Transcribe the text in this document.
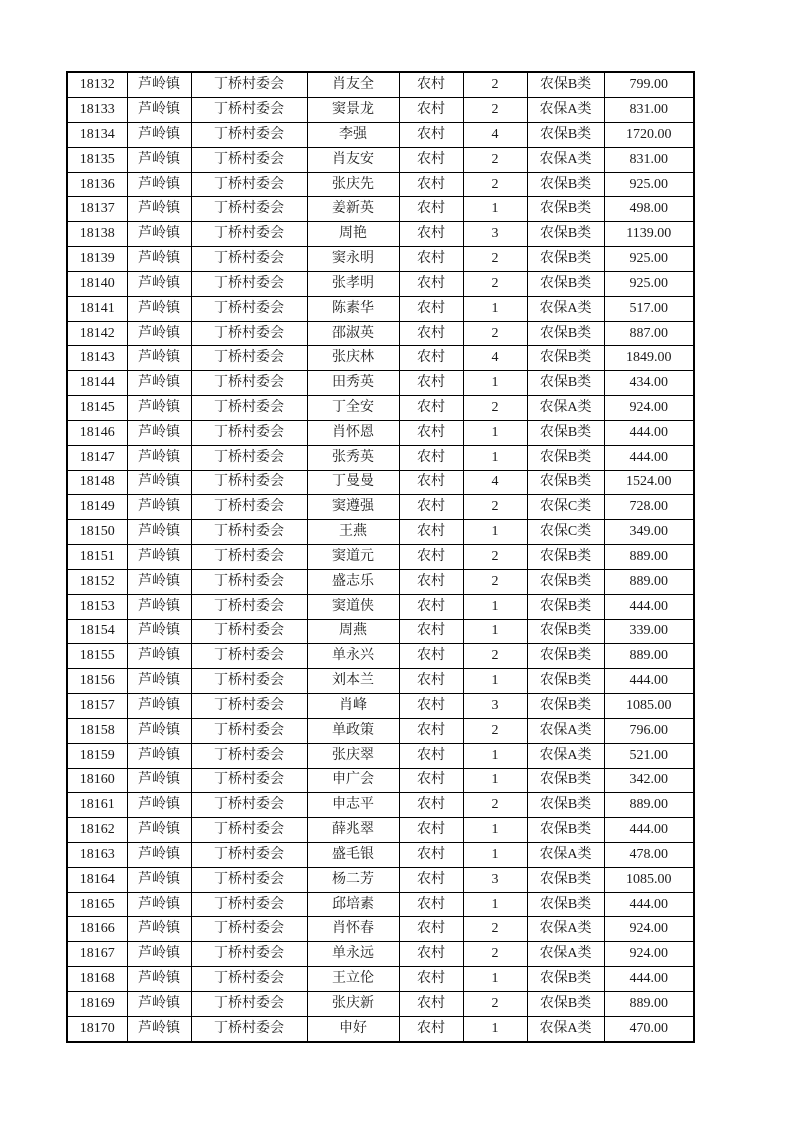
18132	芦岭镇	丁桥村委会	肖友全	农村	2	农保B类	799.00
18133	芦岭镇	丁桥村委会	窦景龙	农村	2	农保A类	831.00
18134	芦岭镇	丁桥村委会	李强	农村	4	农保B类	1720.00
18135	芦岭镇	丁桥村委会	肖友安	农村	2	农保A类	831.00
18136	芦岭镇	丁桥村委会	张庆先	农村	2	农保B类	925.00
18137	芦岭镇	丁桥村委会	姜新英	农村	1	农保B类	498.00
18138	芦岭镇	丁桥村委会	周艳	农村	3	农保B类	1139.00
18139	芦岭镇	丁桥村委会	窦永明	农村	2	农保B类	925.00
18140	芦岭镇	丁桥村委会	张孝明	农村	2	农保B类	925.00
18141	芦岭镇	丁桥村委会	陈素华	农村	1	农保A类	517.00
18142	芦岭镇	丁桥村委会	邵淑英	农村	2	农保B类	887.00
18143	芦岭镇	丁桥村委会	张庆林	农村	4	农保B类	1849.00
18144	芦岭镇	丁桥村委会	田秀英	农村	1	农保B类	434.00
18145	芦岭镇	丁桥村委会	丁全安	农村	2	农保A类	924.00
18146	芦岭镇	丁桥村委会	肖怀恩	农村	1	农保B类	444.00
18147	芦岭镇	丁桥村委会	张秀英	农村	1	农保B类	444.00
18148	芦岭镇	丁桥村委会	丁曼曼	农村	4	农保B类	1524.00
18149	芦岭镇	丁桥村委会	窦遵强	农村	2	农保C类	728.00
18150	芦岭镇	丁桥村委会	王燕	农村	1	农保C类	349.00
18151	芦岭镇	丁桥村委会	窦道元	农村	2	农保B类	889.00
18152	芦岭镇	丁桥村委会	盛志乐	农村	2	农保B类	889.00
18153	芦岭镇	丁桥村委会	窦道侠	农村	1	农保B类	444.00
18154	芦岭镇	丁桥村委会	周燕	农村	1	农保B类	339.00
18155	芦岭镇	丁桥村委会	单永兴	农村	2	农保B类	889.00
18156	芦岭镇	丁桥村委会	刘本兰	农村	1	农保B类	444.00
18157	芦岭镇	丁桥村委会	肖峰	农村	3	农保B类	1085.00
18158	芦岭镇	丁桥村委会	单政策	农村	2	农保A类	796.00
18159	芦岭镇	丁桥村委会	张庆翠	农村	1	农保A类	521.00
18160	芦岭镇	丁桥村委会	申广会	农村	1	农保B类	342.00
18161	芦岭镇	丁桥村委会	申志平	农村	2	农保B类	889.00
18162	芦岭镇	丁桥村委会	薛兆翠	农村	1	农保B类	444.00
18163	芦岭镇	丁桥村委会	盛毛银	农村	1	农保A类	478.00
18164	芦岭镇	丁桥村委会	杨二芳	农村	3	农保B类	1085.00
18165	芦岭镇	丁桥村委会	邱培素	农村	1	农保B类	444.00
18166	芦岭镇	丁桥村委会	肖怀春	农村	2	农保A类	924.00
18167	芦岭镇	丁桥村委会	单永远	农村	2	农保A类	924.00
18168	芦岭镇	丁桥村委会	王立伦	农村	1	农保B类	444.00
18169	芦岭镇	丁桥村委会	张庆新	农村	2	农保B类	889.00
18170	芦岭镇	丁桥村委会	申好	农村	1	农保A类	470.00
